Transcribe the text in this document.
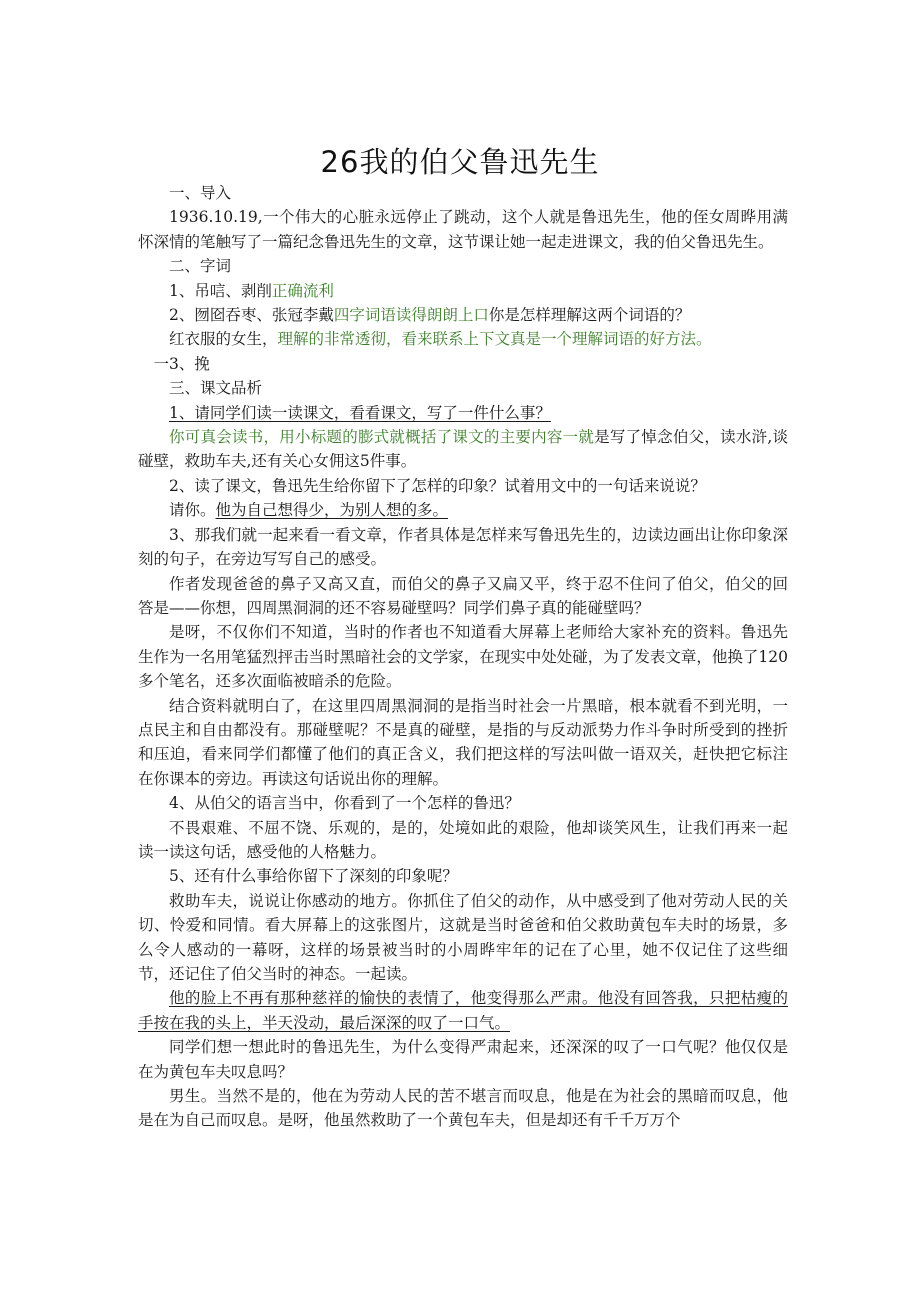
26我的伯父鲁迅先生

一、导入

1936.10.19,一个伟大的心脏永远停止了跳动，这个人就是鲁迅先生，他的侄女周晔用满怀深情的笔触写了一篇纪念鲁迅先生的文章，这节课让她一起走进课文，我的伯父鲁迅先生。

二、字词

1、吊唁、剥削正确流利

2、囫囵吞枣、张冠李戴四字词语读得朗朗上口你是怎样理解这两个词语的？

红衣服的女生，理解的非常透彻，看来联系上下文真是一个理解词语的好方法。

一3、挽

三、课文品析

1、请同学们读一读课文，看看课文，写了一件什么事？

你可真会读书，用小标题的膨式就概括了课文的主要内容一就是写了悼念伯父，读水浒,谈碰壁，救助车夫,还有关心女佣这5件事。

2、读了课文，鲁迅先生给你留下了怎样的印象？试着用文中的一句话来说说？

请你。他为自己想得少，为别人想的多。

3、那我们就一起来看一看文章，作者具体是怎样来写鲁迅先生的，边读边画出让你印象深刻的句子，在旁边写写自己的感受。

作者发现爸爸的鼻子又高又直，而伯父的鼻子又扁又平，终于忍不住问了伯父，伯父的回答是——你想，四周黑洞洞的还不容易碰壁吗？同学们鼻子真的能碰壁吗？

是呀，不仅你们不知道，当时的作者也不知道看大屏幕上老师给大家补充的资料。鲁迅先生作为一名用笔猛烈抨击当时黑暗社会的文学家，在现实中处处碰，为了发表文章，他换了120多个笔名，还多次面临被暗杀的危险。

结合资料就明白了，在这里四周黑洞洞的是指当时社会一片黑暗，根本就看不到光明，一点民主和自由都没有。那碰壁呢？不是真的碰壁，是指的与反动派势力作斗争时所受到的挫折和压迫，看来同学们都懂了他们的真正含义，我们把这样的写法叫做一语双关，赶快把它标注在你课本的旁边。再读这句话说出你的理解。

4、从伯父的语言当中，你看到了一个怎样的鲁迅？

不畏艰难、不屈不饶、乐观的，是的，处境如此的艰险，他却谈笑风生，让我们再来一起读一读这句话，感受他的人格魅力。

5、还有什么事给你留下了深刻的印象呢？

救助车夫，说说让你感动的地方。你抓住了伯父的动作，从中感受到了他对劳动人民的关切、怜爱和同情。看大屏幕上的这张图片，这就是当时爸爸和伯父救助黄包车夫时的场景，多么令人感动的一幕呀，这样的场景被当时的小周晔牢年的记在了心里，她不仅记住了这些细节，还记住了伯父当时的神态。一起读。

他的脸上不再有那种慈祥的愉快的表情了，他变得那么严肃。他没有回答我，只把枯瘦的手按在我的头上，半天没动，最后深深的叹了一口气。

同学们想一想此时的鲁迅先生，为什么变得严肃起来，还深深的叹了一口气呢？他仅仅是在为黄包车夫叹息吗？

男生。当然不是的，他在为劳动人民的苦不堪言而叹息，他是在为社会的黑暗而叹息，他是在为自己而叹息。是呀，他虽然救助了一个黄包车夫，但是却还有千千万万个
